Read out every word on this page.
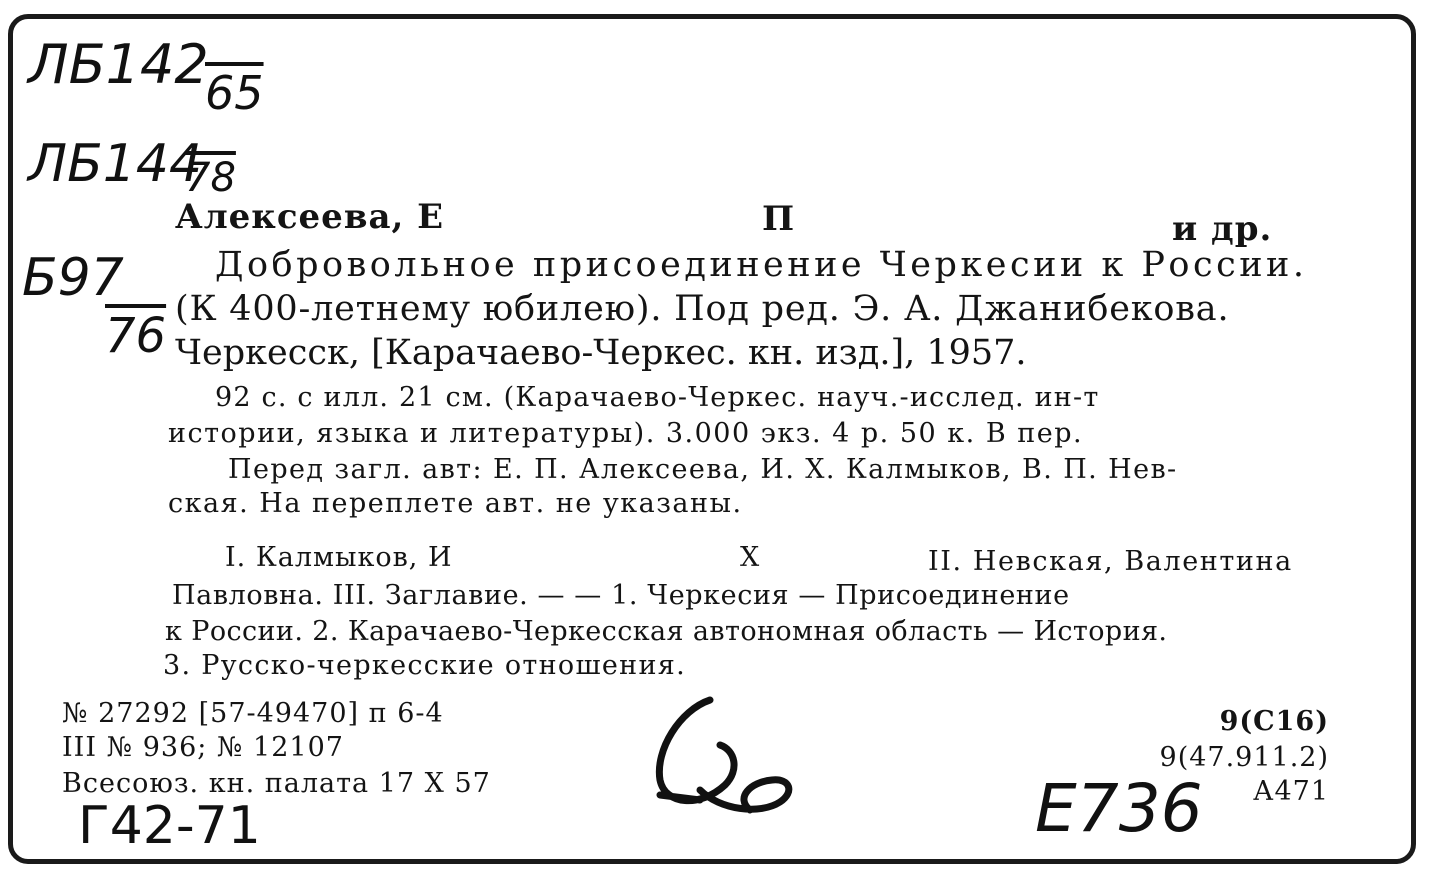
ЛБ142
65
ЛБ144
78
Б97
76
Г42-71	Е736
Алексеева, Е	П	и др.
Добровольное присоединение Черкесии к России.
(К 400-летнему юбилею). Под ред. Э. А. Джанибекова.
Черкесск, [Карачаево-Черкес. кн. изд.], 1957.
92 с. с илл. 21 см. (Карачаево-Черкес. науч.-исслед. ин-т
истории, языка и литературы). 3.000 экз. 4 р. 50 к. В пер.
Перед загл. авт: Е. П. Алексеева, И. Х. Калмыков, В. П. Нев-
ская. На переплете авт. не указаны.
I. Калмыков, И	Х	II. Невская, Валентина
Павловна. III. Заглавие. — — 1. Черкесия — Присоединение
к России. 2. Карачаево-Черкесская автономная область — История.
3. Русско-черкесские отношения.
№ 27292 [57-49470] п 6-4
III № 936; № 12107
Всесоюз. кн. палата 17 Х 57
9(С16)
9(47.911.2)
А471
